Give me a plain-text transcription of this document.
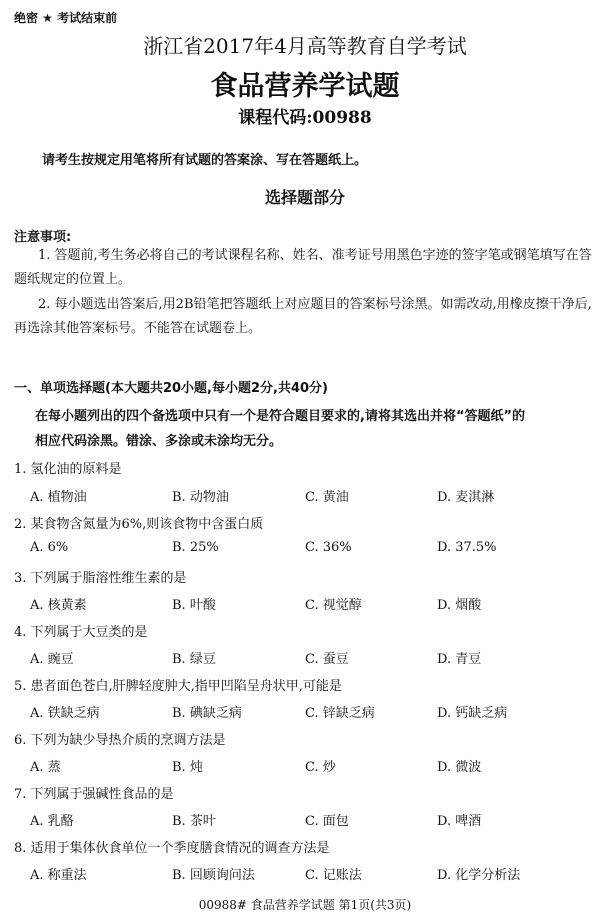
绝密 ★ 考试结束前
浙江省2017年4月高等教育自学考试
食品营养学试题
课程代码:00988
请考生按规定用笔将所有试题的答案涂、写在答题纸上。
选择题部分
注意事项:
1. 答题前,考生务必将自己的考试课程名称、姓名、准考证号用黑色字迹的签字笔或钢笔填写在答题纸规定的位置上。
2. 每小题选出答案后,用2B铅笔把答题纸上对应题目的答案标号涂黑。如需改动,用橡皮擦干净后,再选涂其他答案标号。不能答在试题卷上。
一、单项选择题(本大题共20小题,每小题2分,共40分)
在每小题列出的四个备选项中只有一个是符合题目要求的,请将其选出并将“答题纸”的
相应代码涂黑。错涂、多涂或未涂均无分。
1. 氢化油的原料是
A. 植物油	B. 动物油	C. 黄油	D. 麦淇淋
2. 某食物含氮量为6%,则该食物中含蛋白质
A. 6%	B. 25%	C. 36%	D. 37.5%
3. 下列属于脂溶性维生素的是
A. 核黄素	B. 叶酸	C. 视觉醇	D. 烟酸
4. 下列属于大豆类的是
A. 豌豆	B. 绿豆	C. 蚕豆	D. 青豆
5. 患者面色苍白,肝脾轻度肿大,指甲凹陷呈舟状甲,可能是
A. 铁缺乏病	B. 碘缺乏病	C. 锌缺乏病	D. 钙缺乏病
6. 下列为缺少导热介质的烹调方法是
A. 蒸	B. 炖	C. 炒	D. 微波
7. 下列属于强碱性食品的是
A. 乳酪	B. 茶叶	C. 面包	D. 啤酒
8. 适用于集体伙食单位一个季度膳食情况的调查方法是
A. 称重法	B. 回顾询问法	C. 记账法	D. 化学分析法
00988# 食品营养学试题 第1页(共3页)
